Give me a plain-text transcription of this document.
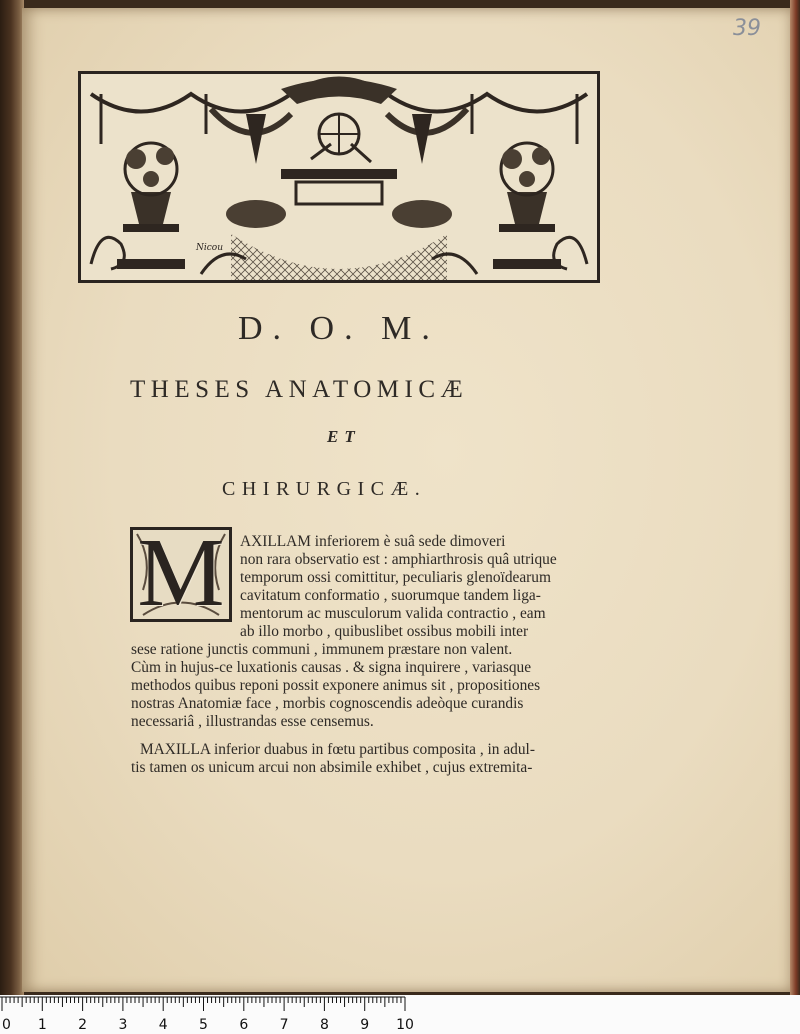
39
Nicou
D. O. M.
THESES ANATOMICÆ
ET
CHIRURGICÆ.
M AXILLAM inferiorem è suâ sede dimoveri
non rara observatio est : amphiarthrosis quâ utrique
temporum ossi comittitur, peculiaris glenoïdearum
cavitatum conformatio , suorumque tandem liga-
mentorum ac musculorum valida contractio , eam
ab illo morbo , quibuslibet ossibus mobili inter
sese ratione junctis communi , immunem præstare non valent.
Cùm in hujus-ce luxationis causas . & signa inquirere , variasque
methodos quibus reponi possit exponere animus sit , propositiones
nostras Anatomiæ face , morbis cognoscendis adeòque curandis
necessariâ , illustrandas esse censemus.
MAXILLA inferior duabus in fœtu partibus composita , in adul-
tis tamen os unicum arcui non absimile exhibet , cujus extremita-
0 1 2 3 4 5 6 7 8 9 10
